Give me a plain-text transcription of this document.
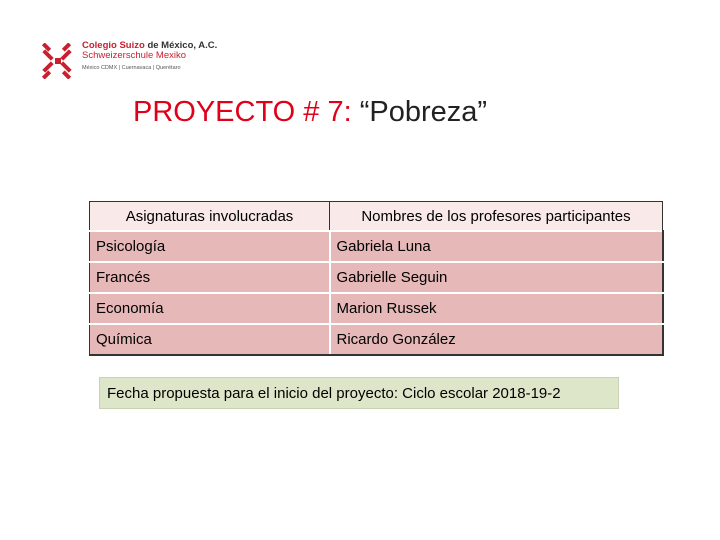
Colegio Suizo de México, A.C.
Schweizerschule Mexiko
México CDMX | Cuernavaca | Querétaro
PROYECTO # 7: “Pobreza”
Asignaturas involucradas	Nombres de los profesores participantes
Psicología	Gabriela Luna
Francés	Gabrielle Seguin
Economía	Marion Russek
Química	Ricardo González
Fecha propuesta para el inicio del proyecto: Ciclo escolar 2018-19-2
